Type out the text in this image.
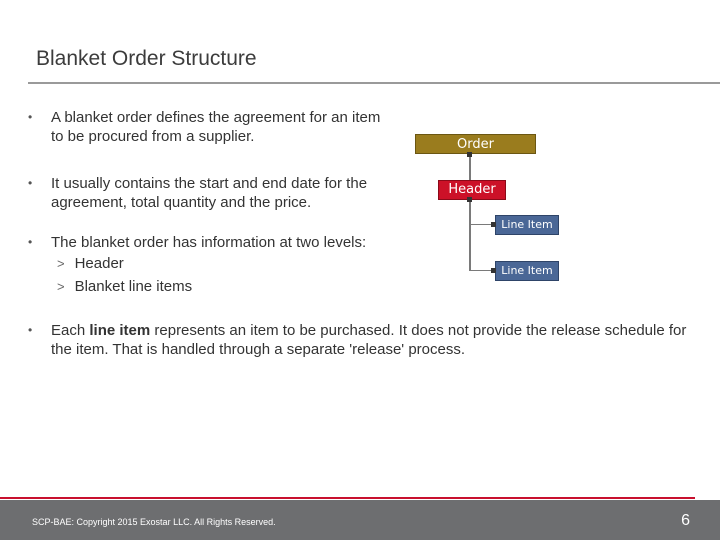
Blanket Order Structure
• A blanket order defines the agreement for an item to be procured from a supplier.
• It usually contains the start and end date for the agreement, total quantity and the price.
• The blanket order has information at two levels:
> Header
> Blanket line items
• Each line item represents an item to be purchased. It does not provide the release schedule for the item. That is handled through a separate 'release' process.
Order
Header
Line Item
Line Item
SCP-BAE: Copyright 2015 Exostar LLC. All Rights Reserved.	6
